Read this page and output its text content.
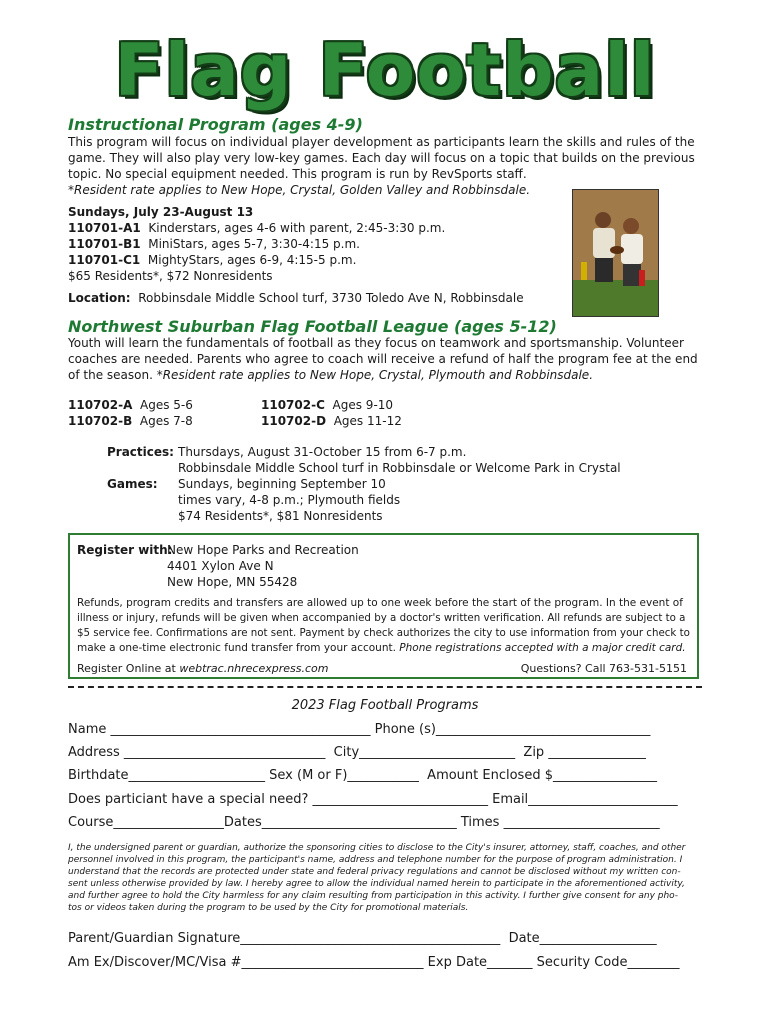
Flag Football
Instructional Program (ages 4-9)
This program will focus on individual player development as participants learn the skills and rules of the
game. They will also play very low-key games. Each day will focus on a topic that builds on the previous
topic. No special equipment needed. This program is run by RevSports staff.
*Resident rate applies to New Hope, Crystal, Golden Valley and Robbinsdale.
Sundays, July 23-August 13
110701-A1 Kinderstars, ages 4-6 with parent, 2:45-3:30 p.m.
110701-B1 MiniStars, ages 5-7, 3:30-4:15 p.m.
110701-C1 MightyStars, ages 6-9, 4:15-5 p.m.
$65 Residents*, $72 Nonresidents
Location: Robbinsdale Middle School turf, 3730 Toledo Ave N, Robbinsdale
Northwest Suburban Flag Football League (ages 5-12)
Youth will learn the fundamentals of football as they focus on teamwork and sportsmanship. Volunteer
coaches are needed. Parents who agree to coach will receive a refund of half the program fee at the end
of the season. *Resident rate applies to New Hope, Crystal, Plymouth and Robbinsdale.
110702-A Ages 5-6
110702-B Ages 7-8
110702-C Ages 9-10
110702-D Ages 11-12
Practices: Thursdays, August 31-October 15 from 6-7 p.m.
Robbinsdale Middle School turf in Robbinsdale or Welcome Park in Crystal
Games: Sundays, beginning September 10
times vary, 4-8 p.m.; Plymouth fields
$74 Residents*, $81 Nonresidents
Register with:
New Hope Parks and Recreation
4401 Xylon Ave N
New Hope, MN 55428
Refunds, program credits and transfers are allowed up to one week before the start of the program. In the event of
illness or injury, refunds will be given when accompanied by a doctor's written verification. All refunds are subject to a
$5 service fee. Confirmations are not sent. Payment by check authorizes the city to use information from your check to
make a one-time electronic fund transfer from your account. Phone registrations accepted with a major credit card.
Register Online at webtrac.nhrecexpress.com	Questions? Call 763-531-5151
2023 Flag Football Programs
Name ________________________________________ Phone (s)_________________________________
Address _______________________________  City________________________  Zip _______________
Birthdate_____________________ Sex (M or F)___________  Amount Enclosed $________________
Does particiant have a special need? ___________________________ Email_______________________
Course_________________Dates______________________________ Times ________________________
I, the undersigned parent or guardian, authorize the sponsoring cities to disclose to the City's insurer, attorney, staff, coaches, and other
personnel involved in this program, the participant's name, address and telephone number for the purpose of program administration. I
understand that the records are protected under state and federal privacy regulations and cannot be disclosed without my written con-
sent unless otherwise provided by law. I hereby agree to allow the individual named herein to participate in the aforementioned activity,
and further agree to hold the City harmless for any claim resulting from participation in this activity. I further give consent for any pho-
tos or videos taken during the program to be used by the City for promotional materials.
Parent/Guardian Signature________________________________________  Date__________________
Am Ex/Discover/MC/Visa #____________________________ Exp Date_______ Security Code________
